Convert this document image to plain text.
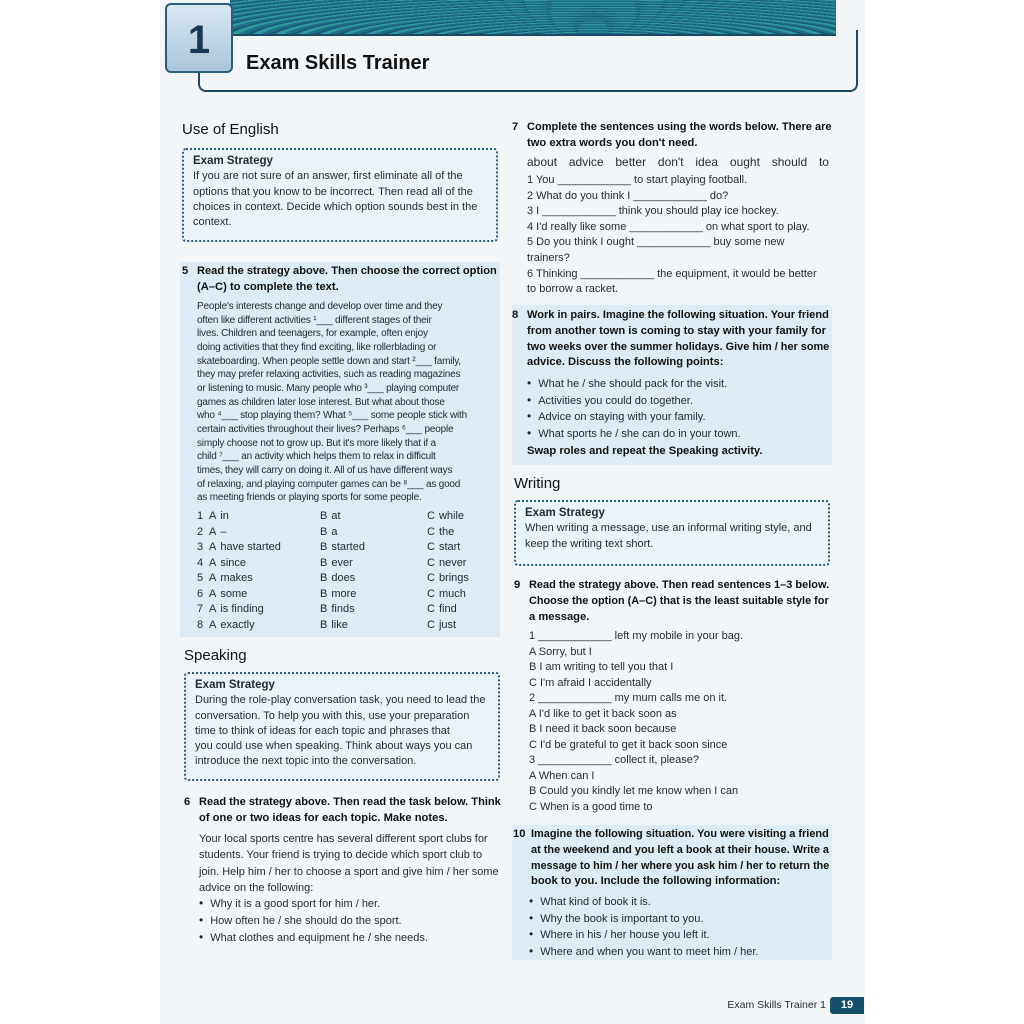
1
Exam Skills Trainer
Use of English
Exam Strategy
If you are not sure of an answer, first eliminate all of the
options that you know to be incorrect. Then read all of the
choices in context. Decide which option sounds best in the
context.
5 Read the strategy above. Then choose the correct option
(A–C) to complete the text.
People's interests change and develop over time and they
often like different activities ¹___ different stages of their
lives. Children and teenagers, for example, often enjoy
doing activities that they find exciting, like rollerblading or
skateboarding. When people settle down and start ²___ family,
they may prefer relaxing activities, such as reading magazines
or listening to music. Many people who ³___ playing computer
games as children later lose interest. But what about those
who ⁴___ stop playing them? What ⁵___ some people stick with
certain activities throughout their lives? Perhaps ⁶___ people
simply choose not to grow up. But it's more likely that if a
child ⁷___ an activity which helps them to relax in difficult
times, they will carry on doing it. All of us have different ways
of relaxing, and playing computer games can be ⁸___ as good
as meeting friends or playing sports for some people.
1 A in	B at	C while
2 A –	B a	C the
3 A have started	B started	C start
4 A since	B ever	C never
5 A makes	B does	C brings
6 A some	B more	C much
7 A is finding	B finds	C find
8 A exactly	B like	C just
Speaking
Exam Strategy
During the role-play conversation task, you need to lead the
conversation. To help you with this, use your preparation
time to think of ideas for each topic and phrases that
you could use when speaking. Think about ways you can
introduce the next topic into the conversation.
6 Read the strategy above. Then read the task below. Think
of one or two ideas for each topic. Make notes.
Your local sports centre has several different sport clubs for
students. Your friend is trying to decide which sport club to
join. Help him / her to choose a sport and give him / her some
advice on the following:
• Why it is a good sport for him / her.
• How often he / she should do the sport.
• What clothes and equipment he / she needs.
7 Complete the sentences using the words below. There are
two extra words you don't need.
about advice better don't idea ought should to
1 You ____________ to start playing football.
2 What do you think I ____________ do?
3 I ____________ think you should play ice hockey.
4 I'd really like some ____________ on what sport to play.
5 Do you think I ought ____________ buy some new
trainers?
6 Thinking ____________ the equipment, it would be better
to borrow a racket.
8 Work in pairs. Imagine the following situation. Your friend
from another town is coming to stay with your family for
two weeks over the summer holidays. Give him / her some
advice. Discuss the following points:
• What he / she should pack for the visit.
• Activities you could do together.
• Advice on staying with your family.
• What sports he / she can do in your town.
Swap roles and repeat the Speaking activity.
Writing
Exam Strategy
When writing a message, use an informal writing style, and
keep the writing text short.
9 Read the strategy above. Then read sentences 1–3 below.
Choose the option (A–C) that is the least suitable style for
a message.
1 ____________ left my mobile in your bag.
A Sorry, but I
B I am writing to tell you that I
C I'm afraid I accidentally
2 ____________ my mum calls me on it.
A I'd like to get it back soon as
B I need it back soon because
C I'd be grateful to get it back soon since
3 ____________ collect it, please?
A When can I
B Could you kindly let me know when I can
C When is a good time to
10 Imagine the following situation. You were visiting a friend
at the weekend and you left a book at their house. Write a
message to him / her where you ask him / her to return the
book to you. Include the following information:
• What kind of book it is.
• Why the book is important to you.
• Where in his / her house you left it.
• Where and when you want to meet him / her.
Exam Skills Trainer 1	19
